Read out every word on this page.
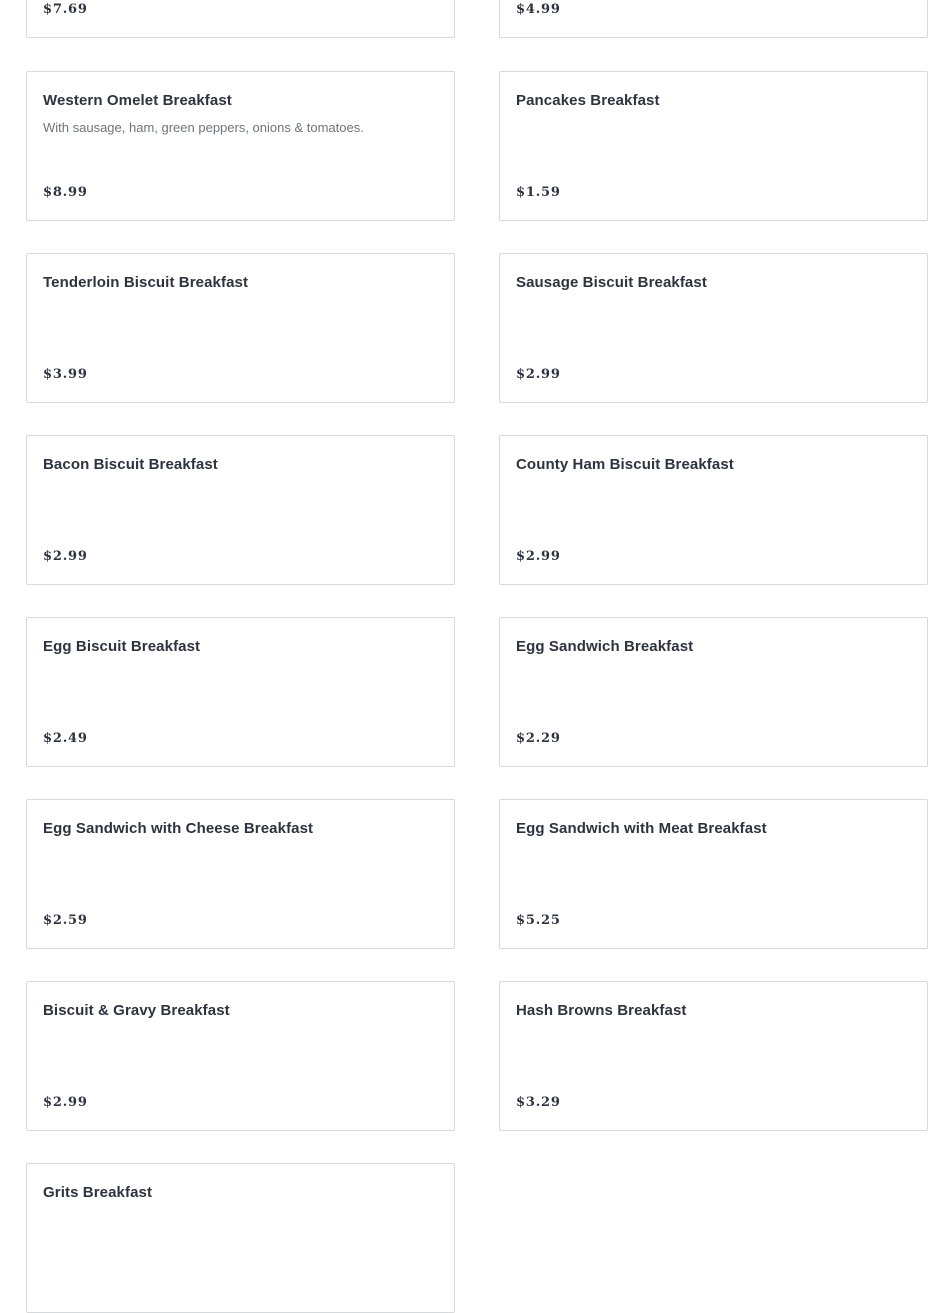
$7.69	$4.99
Western Omelet Breakfast
With sausage, ham, green peppers, onions & tomatoes.
$8.99
Pancakes Breakfast
$1.59
Tenderloin Biscuit Breakfast
$3.99
Sausage Biscuit Breakfast
$2.99
Bacon Biscuit Breakfast
$2.99
County Ham Biscuit Breakfast
$2.99
Egg Biscuit Breakfast
$2.49
Egg Sandwich Breakfast
$2.29
Egg Sandwich with Cheese Breakfast
$2.59
Egg Sandwich with Meat Breakfast
$5.25
Biscuit & Gravy Breakfast
$2.99
Hash Browns Breakfast
$3.29
Grits Breakfast
